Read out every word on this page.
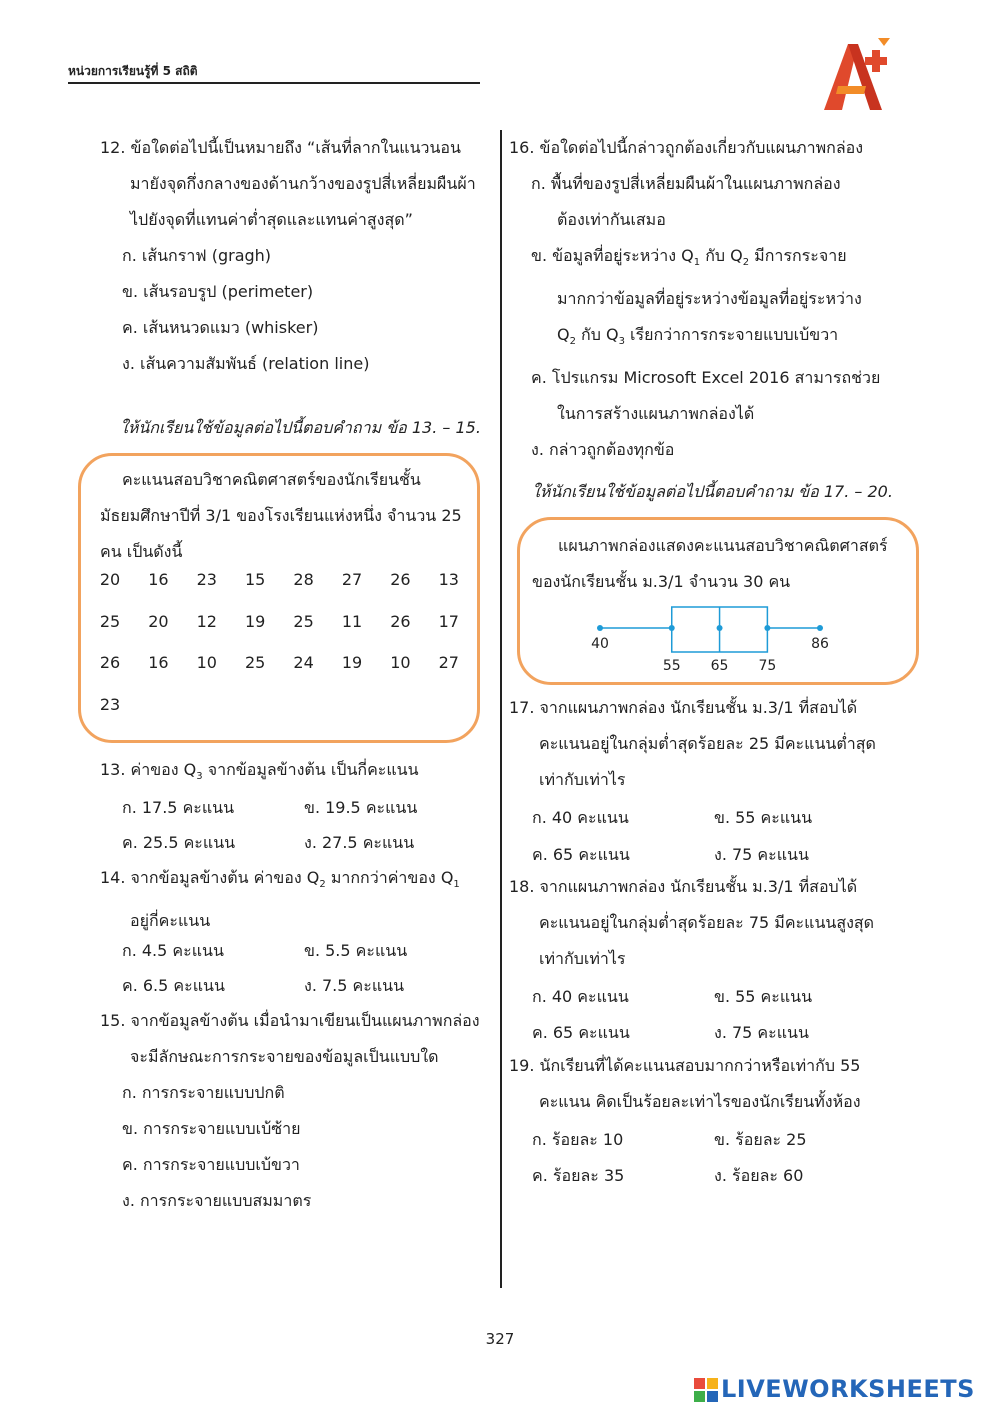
หน่วยการเรียนรู้ที่ 5 สถิติ
12. ข้อใดต่อไปนี้เป็นหมายถึง “เส้นที่ลากในแนวนอน
มายังจุดกึ่งกลางของด้านกว้างของรูปสี่เหลี่ยมผืนผ้า
ไปยังจุดที่แทนค่าต่ำสุดและแทนค่าสูงสุด”
ก. เส้นกราฟ (gragh)
ข. เส้นรอบรูป (perimeter)
ค. เส้นหนวดแมว (whisker)
ง. เส้นความสัมพันธ์ (relation line)
ให้นักเรียนใช้ข้อมูลต่อไปนี้ตอบคำถาม ข้อ 13. – 15.
คะแนนสอบวิชาคณิตศาสตร์ของนักเรียนชั้น
มัธยมศึกษาปีที่ 3/1 ของโรงเรียนแห่งหนึ่ง จำนวน 25
คน เป็นดังนี้
20	16	23	15	28	27	26	13
25	20	12	19	25	11	26	17
26	16	10	25	24	19	10	27
23
13. ค่าของ $Q_3$ จากข้อมูลข้างต้น เป็นกี่คะแนน
ก. 17.5 คะแนน	ข. 19.5 คะแนน
ค. 25.5 คะแนน	ง. 27.5 คะแนน
14. จากข้อมูลข้างต้น ค่าของ $Q_2$ มากกว่าค่าของ $Q_1$
อยู่กี่คะแนน
ก. 4.5 คะแนน	ข. 5.5 คะแนน
ค. 6.5 คะแนน	ง. 7.5 คะแนน
15. จากข้อมูลข้างต้น เมื่อนำมาเขียนเป็นแผนภาพกล่อง
จะมีลักษณะการกระจายของข้อมูลเป็นแบบใด
ก. การกระจายแบบปกติ
ข. การกระจายแบบเบ้ซ้าย
ค. การกระจายแบบเบ้ขวา
ง. การกระจายแบบสมมาตร
16. ข้อใดต่อไปนี้กล่าวถูกต้องเกี่ยวกับแผนภาพกล่อง
ก. พื้นที่ของรูปสี่เหลี่ยมผืนผ้าในแผนภาพกล่อง
ต้องเท่ากันเสมอ
ข. ข้อมูลที่อยู่ระหว่าง $Q_1$ กับ $Q_2$ มีการกระจาย
มากกว่าข้อมูลที่อยู่ระหว่างข้อมูลที่อยู่ระหว่าง
$Q_2$ กับ $Q_3$ เรียกว่าการกระจายแบบเบ้ขวา
ค. โปรแกรม Microsoft Excel 2016 สามารถช่วย
ในการสร้างแผนภาพกล่องได้
ง. กล่าวถูกต้องทุกข้อ
ให้นักเรียนใช้ข้อมูลต่อไปนี้ตอบคำถาม ข้อ 17. – 20.
แผนภาพกล่องแสดงคะแนนสอบวิชาคณิตศาสตร์
ของนักเรียนชั้น ม.3/1 จำนวน 30 คน
40	86
55 65 75
17. จากแผนภาพกล่อง นักเรียนชั้น ม.3/1 ที่สอบได้
คะแนนอยู่ในกลุ่มต่ำสุดร้อยละ 25 มีคะแนนต่ำสุด
เท่ากับเท่าไร
ก. 40 คะแนน	ข. 55 คะแนน
ค. 65 คะแนน	ง. 75 คะแนน
18. จากแผนภาพกล่อง นักเรียนชั้น ม.3/1 ที่สอบได้
คะแนนอยู่ในกลุ่มต่ำสุดร้อยละ 75 มีคะแนนสูงสุด
เท่ากับเท่าไร
ก. 40 คะแนน	ข. 55 คะแนน
ค. 65 คะแนน	ง. 75 คะแนน
19. นักเรียนที่ได้คะแนนสอบมากกว่าหรือเท่ากับ 55
คะแนน คิดเป็นร้อยละเท่าไรของนักเรียนทั้งห้อง
ก. ร้อยละ 10	ข. ร้อยละ 25
ค. ร้อยละ 35	ง. ร้อยละ 60
327
LIVEWORKSHEETS
